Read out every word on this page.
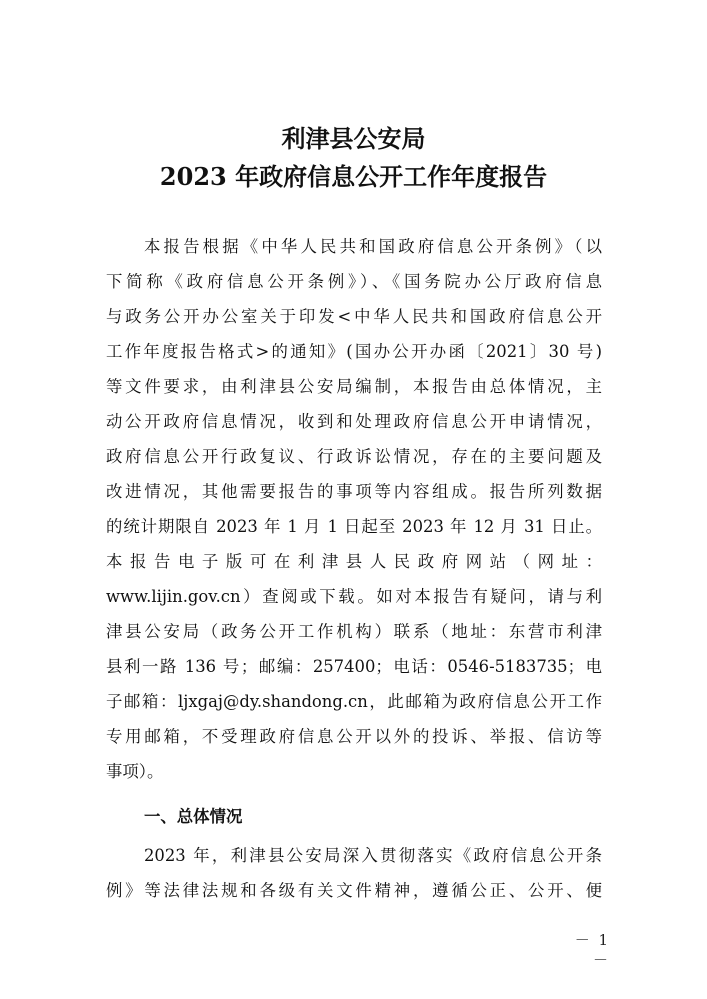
利津县公安局
2023 年政府信息公开工作年度报告

本报告根据《中华人民共和国政府信息公开条例》（以

下简称《政府信息公开条例》）、《国务院办公厅政府信息

与政务公开办公室关于印发<中华人民共和国政府信息公开

工作年度报告格式>的通知》(国办公开办函〔2021〕30 号)

等文件要求，由利津县公安局编制，本报告由总体情况，主

动公开政府信息情况，收到和处理政府信息公开申请情况，

政府信息公开行政复议、行政诉讼情况，存在的主要问题及

改进情况，其他需要报告的事项等内容组成。报告所列数据

的统计期限自 2023 年 1 月 1 日起至 2023 年 12 月 31 日止。

本报告电子版可在利津县人民政府网站（网址：

www.lijin.gov.cn）查阅或下载。如对本报告有疑问，请与利

津县公安局（政务公开工作机构）联系（地址：东营市利津

县利一路 136 号；邮编：257400；电话：0546-5183735；电

子邮箱：ljxgaj@dy.shandong.cn，此邮箱为政府信息公开工作

专用邮箱，不受理政府信息公开以外的投诉、举报、信访等

事项）。

一、总体情况

2023 年，利津县公安局深入贯彻落实《政府信息公开条

例》等法律法规和各级有关文件精神，遵循公正、公开、便

－ 1 －
